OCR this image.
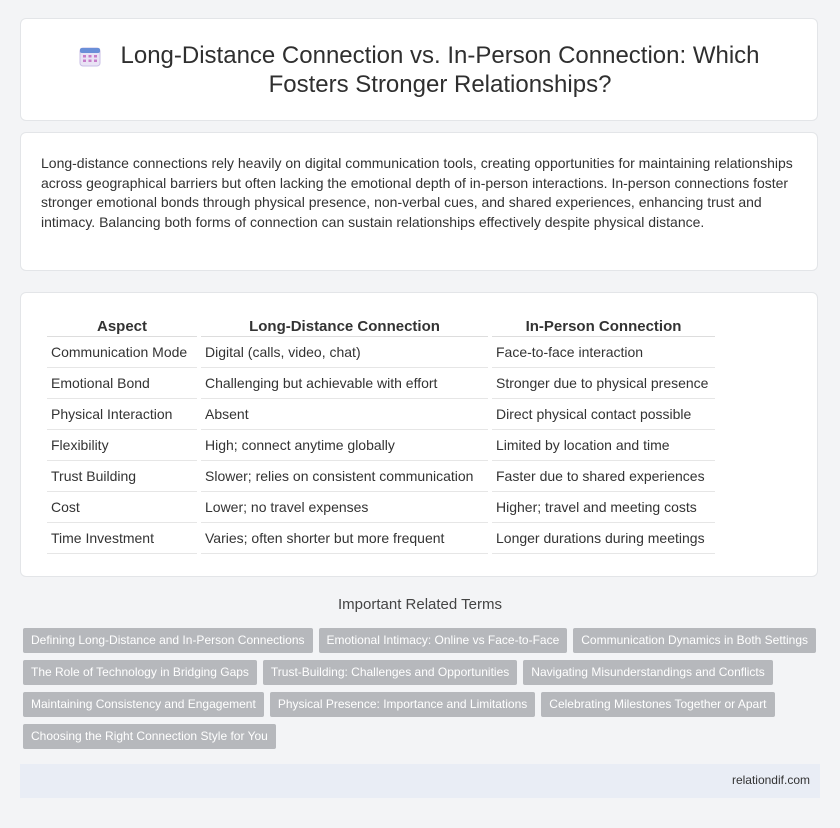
Long-Distance Connection vs. In-Person Connection: Which
Fosters Stronger Relationships?

Long-distance connections rely heavily on digital communication tools, creating opportunities for maintaining relationships across geographical barriers but often lacking the emotional depth of in-person interactions. In-person connections foster stronger emotional bonds through physical presence, non-verbal cues, and shared experiences, enhancing trust and intimacy. Balancing both forms of connection can sustain relationships effectively despite physical distance.

Aspect	Long-Distance Connection	In-Person Connection
Communication Mode	Digital (calls, video, chat)	Face-to-face interaction
Emotional Bond	Challenging but achievable with effort	Stronger due to physical presence
Physical Interaction	Absent	Direct physical contact possible
Flexibility	High; connect anytime globally	Limited by location and time
Trust Building	Slower; relies on consistent communication	Faster due to shared experiences
Cost	Lower; no travel expenses	Higher; travel and meeting costs
Time Investment	Varies; often shorter but more frequent	Longer durations during meetings
Important Related Terms
Defining Long-Distance and In-Person Connections Emotional Intimacy: Online vs Face-to-Face Communication Dynamics in Both SettingsThe Role of Technology in Bridging Gaps Trust-Building: Challenges and Opportunities Navigating Misunderstandings and ConflictsMaintaining Consistency and Engagement Physical Presence: Importance and Limitations Celebrating Milestones Together or ApartChoosing the Right Connection Style for You
relationdif.com
